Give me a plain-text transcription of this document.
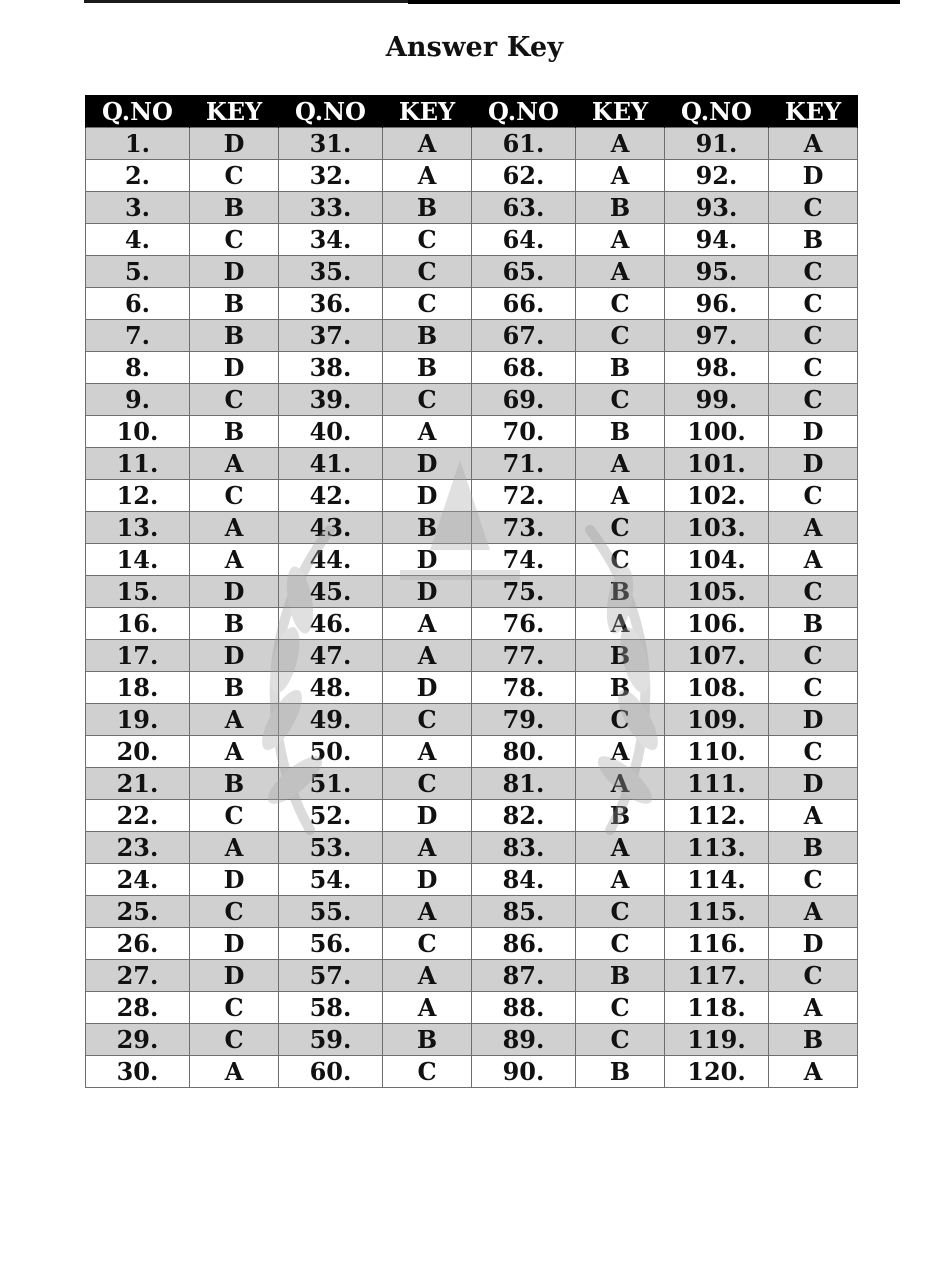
Answer Key
Q.NO	KEY	Q.NO	KEY	Q.NO	KEY	Q.NO	KEY
1.	D	31.	A	61.	A	91.	A
2.	C	32.	A	62.	A	92.	D
3.	B	33.	B	63.	B	93.	C
4.	C	34.	C	64.	A	94.	B
5.	D	35.	C	65.	A	95.	C
6.	B	36.	C	66.	C	96.	C
7.	B	37.	B	67.	C	97.	C
8.	D	38.	B	68.	B	98.	C
9.	C	39.	C	69.	C	99.	C
10.	B	40.	A	70.	B	100.	D
11.	A	41.	D	71.	A	101.	D
12.	C	42.	D	72.	A	102.	C
13.	A	43.	B	73.	C	103.	A
14.	A	44.	D	74.	C	104.	A
15.	D	45.	D	75.	B	105.	C
16.	B	46.	A	76.	A	106.	B
17.	D	47.	A	77.	B	107.	C
18.	B	48.	D	78.	B	108.	C
19.	A	49.	C	79.	C	109.	D
20.	A	50.	A	80.	A	110.	C
21.	B	51.	C	81.	A	111.	D
22.	C	52.	D	82.	B	112.	A
23.	A	53.	A	83.	A	113.	B
24.	D	54.	D	84.	A	114.	C
25.	C	55.	A	85.	C	115.	A
26.	D	56.	C	86.	C	116.	D
27.	D	57.	A	87.	B	117.	C
28.	C	58.	A	88.	C	118.	A
29.	C	59.	B	89.	C	119.	B
30.	A	60.	C	90.	B	120.	A
